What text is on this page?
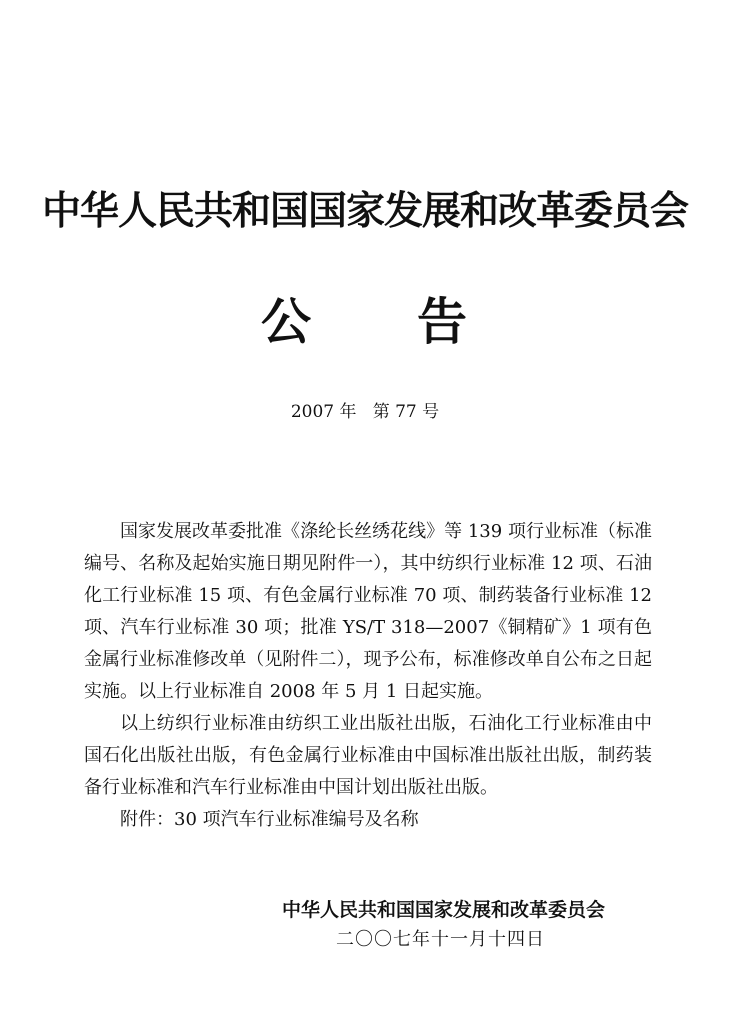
中华人民共和国国家发展和改革委员会
公 告
2007 年   第 77 号

国家发展改革委批准《涤纶长丝绣花线》等 139 项行业标准（标准编号、名称及起始实施日期见附件一），其中纺织行业标准 12 项、石油化工行业标准 15 项、有色金属行业标准 70 项、制药装备行业标准 12 项、汽车行业标准 30 项；批准 YS/T 318—2007《铜精矿》1 项有色金属行业标准修改单（见附件二），现予公布，标准修改单自公布之日起实施。以上行业标准自 2008 年 5 月 1 日起实施。

以上纺织行业标准由纺织工业出版社出版，石油化工行业标准由中国石化出版社出版，有色金属行业标准由中国标准出版社出版，制药装备行业标准和汽车行业标准由中国计划出版社出版。

附件：30 项汽车行业标准编号及名称

中华人民共和国国家发展和改革委员会
二〇〇七年十一月十四日
